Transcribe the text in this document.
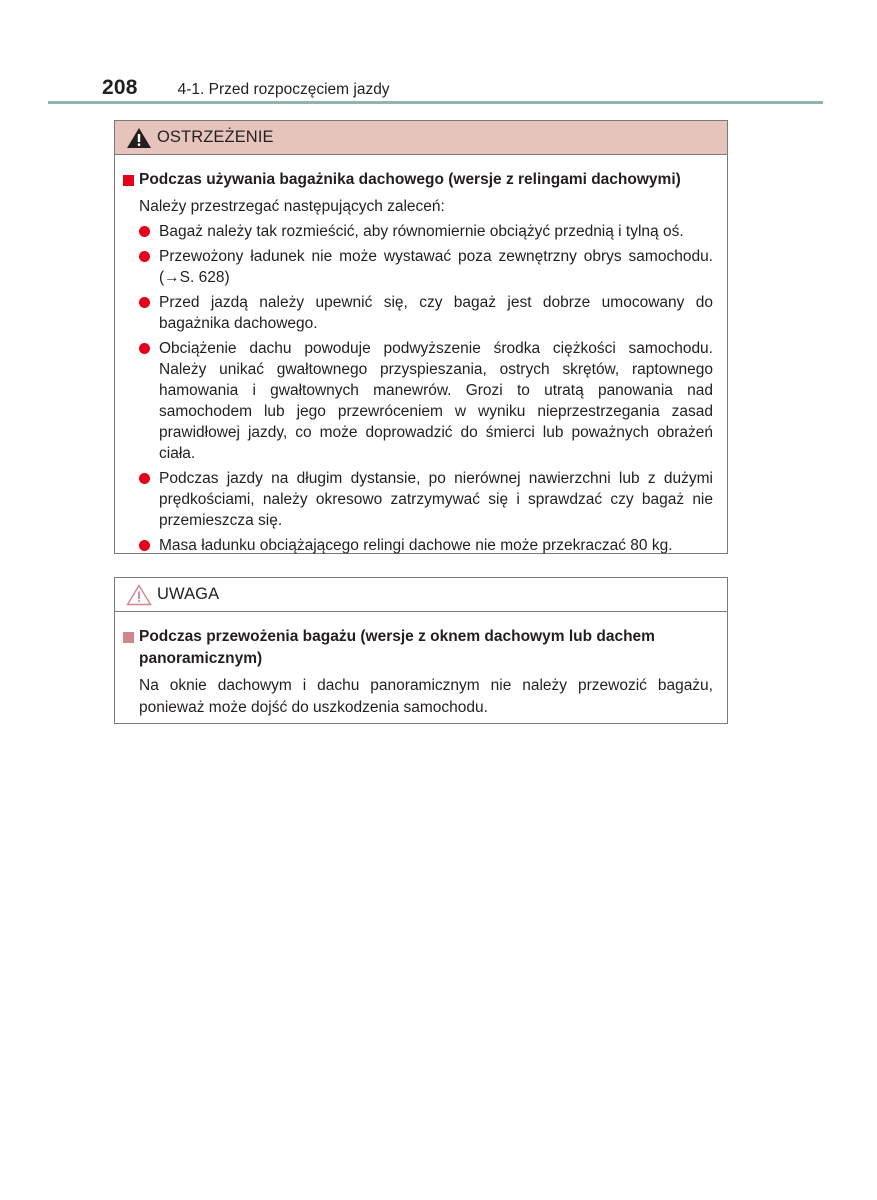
208	4-1. Przed rozpoczęciem jazdy
OSTRZEŻENIE
Podczas używania bagażnika dachowego (wersje z relingami dachowymi)
Należy przestrzegać następujących zaleceń:
Bagaż należy tak rozmieścić, aby równomiernie obciążyć przednią i tylną oś.
Przewożony ładunek nie może wystawać poza zewnętrzny obrys samochodu. (→S. 628)
Przed jazdą należy upewnić się, czy bagaż jest dobrze umocowany do bagażnika dachowego.
Obciążenie dachu powoduje podwyższenie środka ciężkości samochodu. Należy unikać gwałtownego przyspieszania, ostrych skrętów, raptownego hamowania i gwałtownych manewrów. Grozi to utratą panowania nad samochodem lub jego przewróceniem w wyniku nieprzestrzegania zasad prawidłowej jazdy, co może doprowadzić do śmierci lub poważnych obrażeń ciała.
Podczas jazdy na długim dystansie, po nierównej nawierzchni lub z dużymi prędkościami, należy okresowo zatrzymywać się i sprawdzać czy bagaż nie przemieszcza się.
Masa ładunku obciążającego relingi dachowe nie może przekraczać 80 kg.
UWAGA
Podczas przewożenia bagażu (wersje z oknem dachowym lub dachem panoramicznym)
Na oknie dachowym i dachu panoramicznym nie należy przewozić bagażu, ponieważ może dojść do uszkodzenia samochodu.
